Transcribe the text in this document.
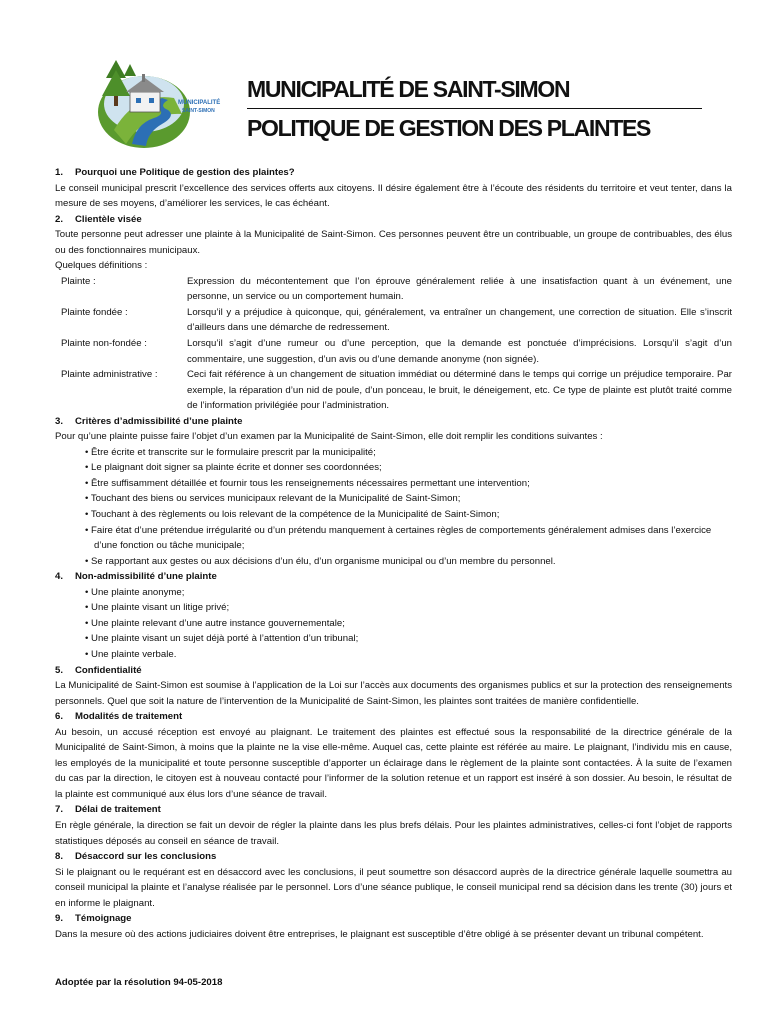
MUNICIPALITÉ
SAINT-SIMON
MUNICIPALITÉ DE SAINT-SIMON
POLITIQUE DE GESTION DES PLAINTES
1. Pourquoi une Politique de gestion des plaintes?
Le conseil municipal prescrit l’excellence des services offerts aux citoyens. Il désire également être à l’écoute des résidents du territoire et veut tenter, dans la mesure de ses moyens, d’améliorer les services, le cas échéant.
2. Clientèle visée
Toute personne peut adresser une plainte à la Municipalité de Saint-Simon. Ces personnes peuvent être un contribuable, un groupe de contribuables, des élus ou des fonctionnaires municipaux.
Quelques définitions :
Plainte :	Expression du mécontentement que l’on éprouve généralement reliée à une insatisfaction quant à un événement, une personne, un service ou un comportement humain.
Plainte fondée :	Lorsqu’il y a préjudice à quiconque, qui, généralement, va entraîner un changement, une correction de situation. Elle s’inscrit d’ailleurs dans une démarche de redressement.
Plainte non-fondée :	Lorsqu’il s’agit d’une rumeur ou d’une perception, que la demande est ponctuée d’imprécisions. Lorsqu’il s’agit d’un commentaire, une suggestion, d’un avis ou d’une demande anonyme (non signée).
Plainte administrative :	Ceci fait référence à un changement de situation immédiat ou déterminé dans le temps qui corrige un préjudice temporaire. Par exemple, la réparation d’un nid de poule, d’un ponceau, le bruit, le déneigement, etc. Ce type de plainte est plutôt traité comme de l’information privilégiée pour l’administration.
3. Critères d’admissibilité d’une plainte
Pour qu’une plainte puisse faire l’objet d’un examen par la Municipalité de Saint-Simon, elle doit remplir les conditions suivantes :
• Être écrite et transcrite sur le formulaire prescrit par la municipalité;
• Le plaignant doit signer sa plainte écrite et donner ses coordonnées;
• Être suffisamment détaillée et fournir tous les renseignements nécessaires permettant une intervention;
• Touchant des biens ou services municipaux relevant de la Municipalité de Saint-Simon;
• Touchant à des règlements ou lois relevant de la compétence de la Municipalité de Saint-Simon;
• Faire état d’une prétendue irrégularité ou d’un prétendu manquement à certaines règles de comportements généralement admises dans l’exercice d’une fonction ou tâche municipale;
• Se rapportant aux gestes ou aux décisions d’un élu, d’un organisme municipal ou d’un membre du personnel.
4. Non-admissibilité d’une plainte
• Une plainte anonyme;
• Une plainte visant un litige privé;
• Une plainte relevant d’une autre instance gouvernementale;
• Une plainte visant un sujet déjà porté à l’attention d’un tribunal;
• Une plainte verbale.
5. Confidentialité
La Municipalité de Saint-Simon est soumise à l’application de la Loi sur l’accès aux documents des organismes publics et sur la protection des renseignements personnels. Quel que soit la nature de l’intervention de la Municipalité de Saint-Simon, les plaintes sont traitées de manière confidentielle.
6. Modalités de traitement
Au besoin, un accusé réception est envoyé au plaignant. Le traitement des plaintes est effectué sous la responsabilité de la directrice générale de la Municipalité de Saint-Simon, à moins que la plainte ne la vise elle-même. Auquel cas, cette plainte est référée au maire. Le plaignant, l’individu mis en cause, les employés de la municipalité et toute personne susceptible d’apporter un éclairage dans le règlement de la plainte sont contactées. À la suite de l’examen du cas par la direction, le citoyen est à nouveau contacté pour l’informer de la solution retenue et un rapport est inséré à son dossier. Au besoin, le résultat de la plainte est communiqué aux élus lors d’une séance de travail.
7. Délai de traitement
En règle générale, la direction se fait un devoir de régler la plainte dans les plus brefs délais. Pour les plaintes administratives, celles-ci font l’objet de rapports statistiques déposés au conseil en séance de travail.
8. Désaccord sur les conclusions
Si le plaignant ou le requérant est en désaccord avec les conclusions, il peut soumettre son désaccord auprès de la directrice générale laquelle soumettra au conseil municipal la plainte et l’analyse réalisée par le personnel. Lors d’une séance publique, le conseil municipal rend sa décision dans les trente (30) jours et en informe le plaignant.
9. Témoignage
Dans la mesure où des actions judiciaires doivent être entreprises, le plaignant est susceptible d’être obligé à se présenter devant un tribunal compétent.
Adoptée par la résolution 94-05-2018
